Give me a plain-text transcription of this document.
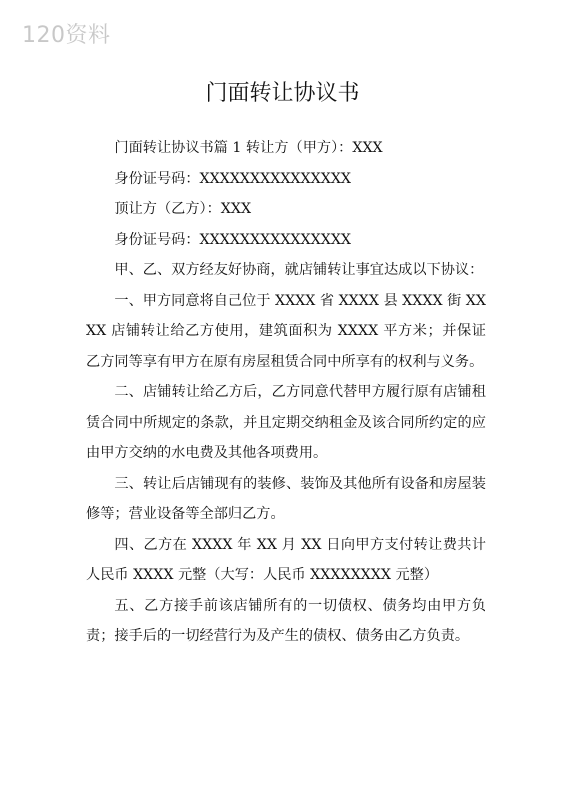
120资料
门面转让协议书

门面转让协议书篇 1 转让方（甲方）：XXX

身份证号码：XXXXXXXXXXXXXXX

顶让方（乙方）：XXX

身份证号码：XXXXXXXXXXXXXXX

甲、乙、双方经友好协商，就店铺转让事宜达成以下协议：

一、甲方同意将自己位于 XXXX 省 XXXX 县 XXXX 街 XXXX 店铺转让给乙方使用，建筑面积为 XXXX 平方米；并保证乙方同等享有甲方在原有房屋租赁合同中所享有的权利与义务。

二、店铺转让给乙方后，乙方同意代替甲方履行原有店铺租赁合同中所规定的条款，并且定期交纳租金及该合同所约定的应由甲方交纳的水电费及其他各项费用。

三、转让后店铺现有的装修、装饰及其他所有设备和房屋装修等；营业设备等全部归乙方。

四、乙方在 XXXX 年 XX 月 XX 日向甲方支付转让费共计人民币 XXXX 元整（大写：人民币 XXXXXXXX 元整）

五、乙方接手前该店铺所有的一切债权、债务均由甲方负责；接手后的一切经营行为及产生的债权、债务由乙方负责。
